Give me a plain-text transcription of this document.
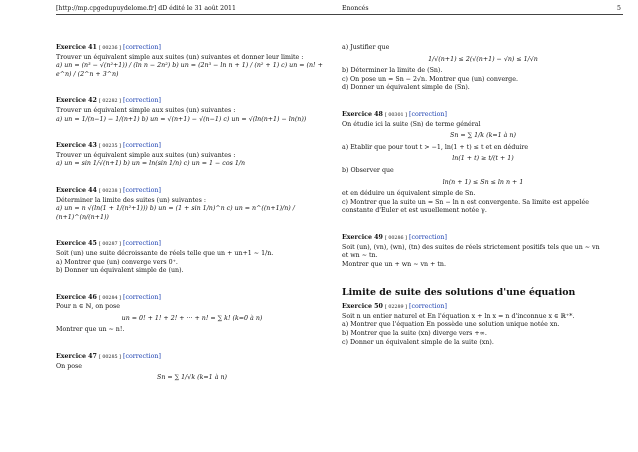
[http://mp.cpgedupuydelome.fr] dD édité le 31 août 2011	Enoncés	5
Exercice 41 [ 00236 ] [correction]
Trouver un équivalent simple aux suites (un) suivantes et donner leur limite :
a) un = (n³ − √(n²+1)) / (ln n − 2n²) b) un = (2n³ − ln n + 1) / (n² + 1) c) un = (n! + e^n) / (2^n + 3^n)
Exercice 42 [ 02282 ] [correction]
Trouver un équivalent simple aux suites (un) suivantes :
a) un = 1/(n−1) − 1/(n+1) b) un = √(n+1) − √(n−1) c) un = √(ln(n+1) − ln(n))
Exercice 43 [ 00235 ] [correction]
Trouver un équivalent simple aux suites (un) suivantes :
a) un = sin 1/√(n+1) b) un = ln(sin 1/n) c) un = 1 − cos 1/n
Exercice 44 [ 00238 ] [correction]
Déterminer la limite des suites (un) suivantes :
a) un = n √(ln(1 + 1/(n²+1))) b) un = (1 + sin 1/n)^n c) un = n^((n+1)/n) / (n+1)^(n/(n+1))
Exercice 45 [ 00287 ] [correction]
Soit (un) une suite décroissante de réels telle que un + un+1 ∼ 1/n.
a) Montrer que (un) converge vers 0⁺.
b) Donner un équivalent simple de (un).
Exercice 46 [ 00284 ] [correction]
Pour n ∈ ℕ, on pose
un = 0! + 1! + 2! + ··· + n! = ∑ k! (k=0 à n)
Montrer que un ∼ n!.
Exercice 47 [ 00285 ] [correction]
On pose
Sn = ∑ 1/√k (k=1 à n)
a) Justifier que
1/√(n+1) ≤ 2(√(n+1) − √n) ≤ 1/√n
b) Déterminer la limite de (Sn).
c) On pose un = Sn − 2√n. Montrer que (un) converge.
d) Donner un équivalent simple de (Sn).
Exercice 48 [ 00301 ] [correction]
On étudie ici la suite (Sn) de terme général
Sn = ∑ 1/k (k=1 à n)
a) Etablir que pour tout t > −1, ln(1 + t) ≤ t et en déduire
ln(1 + t) ≥ t/(t + 1)
b) Observer que
ln(n + 1) ≤ Sn ≤ ln n + 1
et en déduire un équivalent simple de Sn.
c) Montrer que la suite un = Sn − ln n est convergente. Sa limite est appelée
constante d'Euler et est usuellement notée γ.
Exercice 49 [ 00286 ] [correction]
Soit (un), (vn), (wn), (tn) des suites de réels strictement positifs tels que un ∼ vn
et wn ∼ tn.
Montrer que un + wn ∼ vn + tn.
Limite de suite des solutions d'une équation
Exercice 50 [ 02289 ] [correction]
Soit n un entier naturel et En l'équation x + ln x = n d'inconnue x ∈ ℝ⁺*.
a) Montrer que l'équation En possède une solution unique notée xn.
b) Montrer que la suite (xn) diverge vers +∞.
c) Donner un équivalent simple de la suite (xn).
